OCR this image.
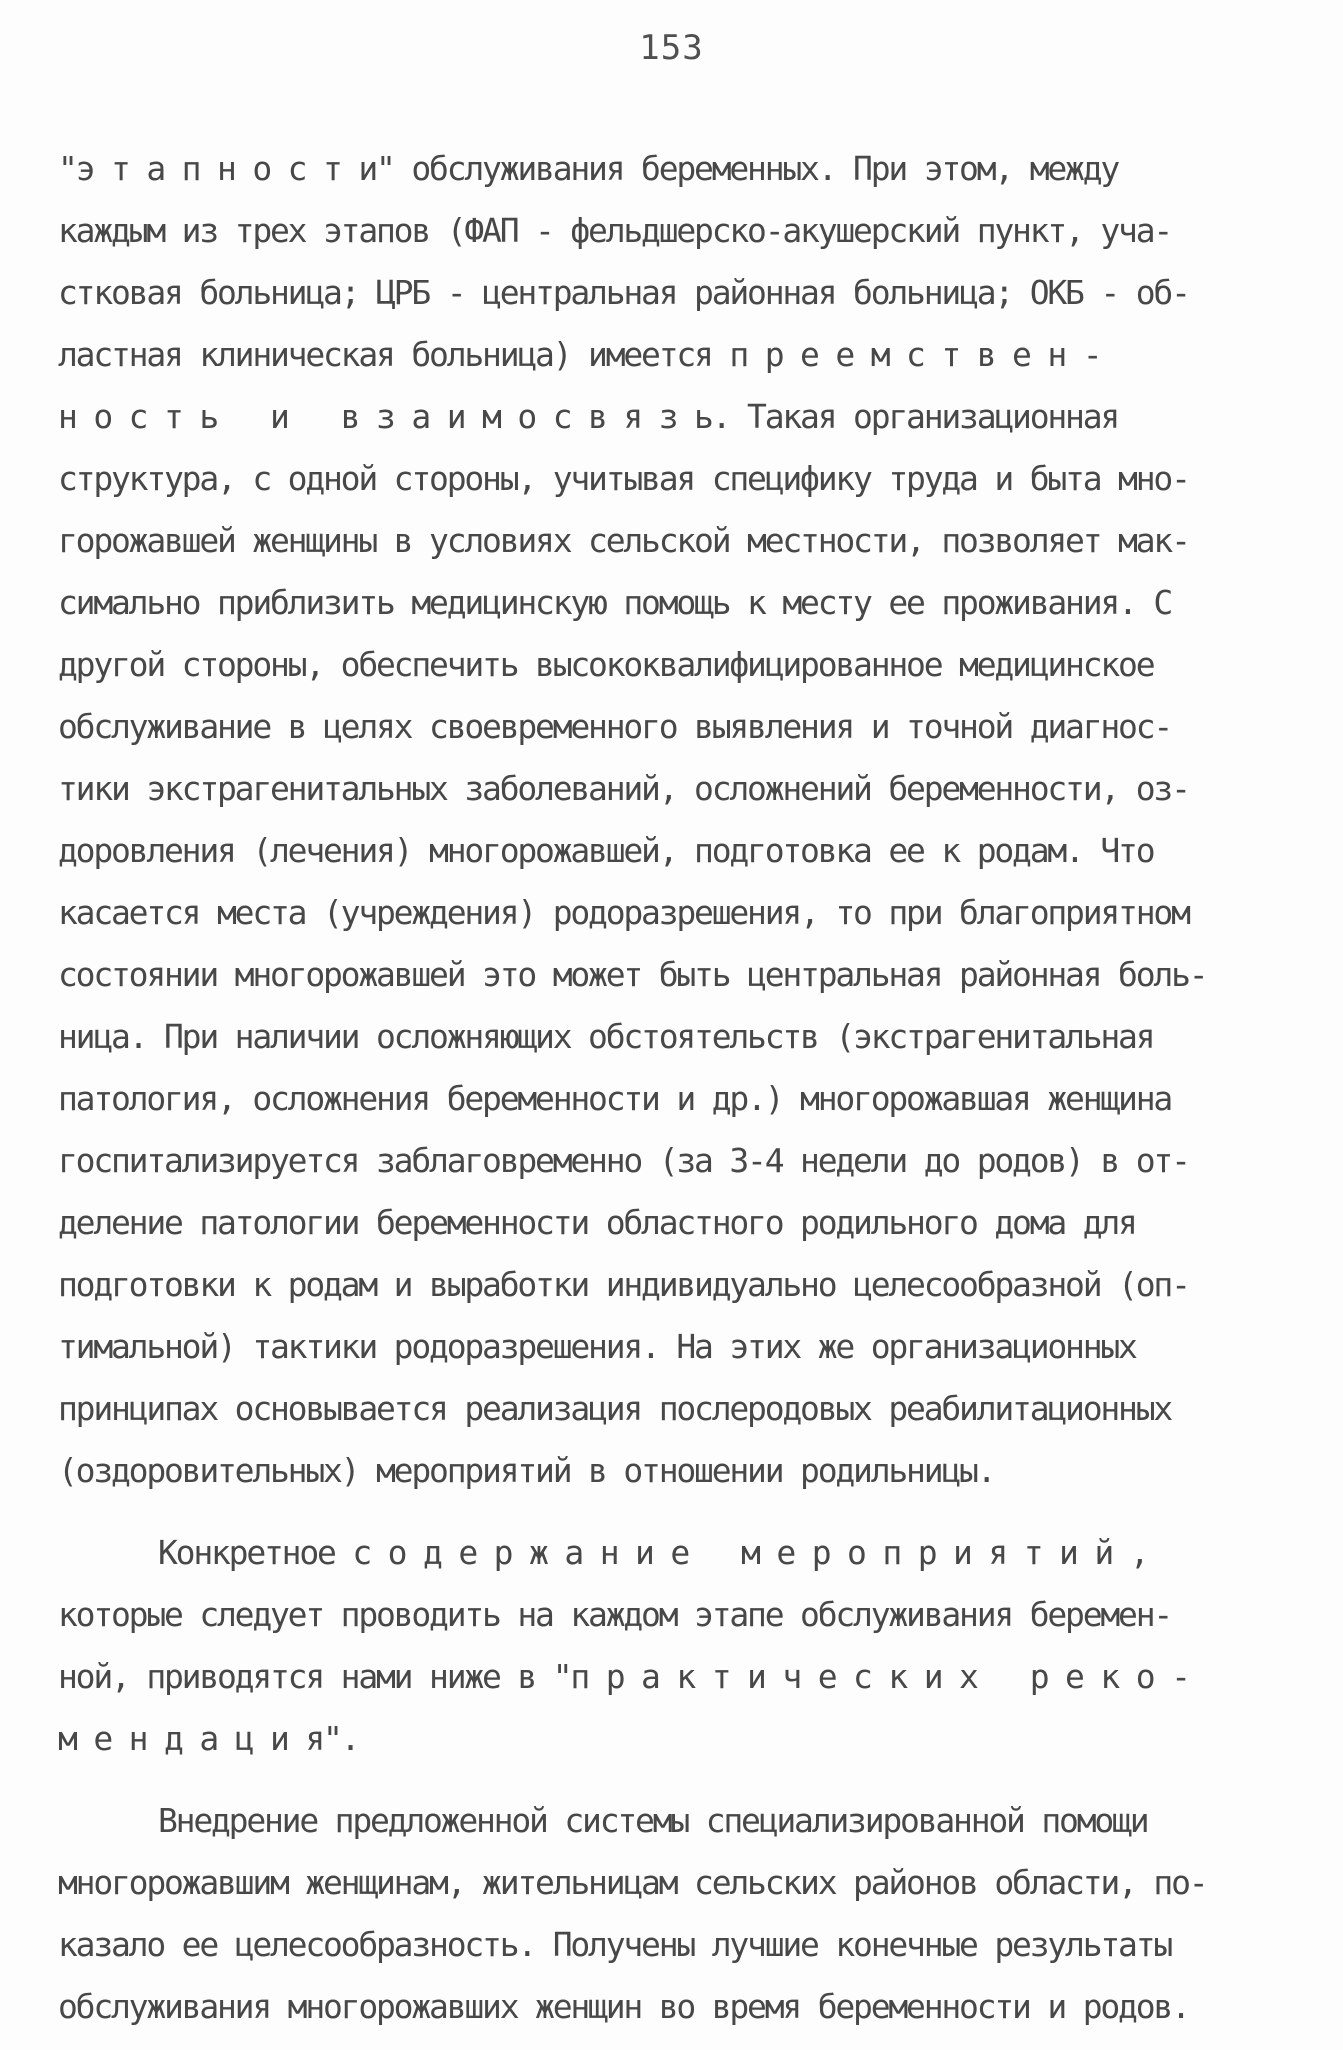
153
"э т а п н о с т и" обслуживания беременных. При этом, между
каждым из трех этапов (ФАП - фельдшерско-акушерский пункт, уча-
стковая больница; ЦРБ - центральная районная больница; ОКБ - об-
ластная клиническая больница) имеется п р е е м с т в е н -
н о с т ь   и   в з а и м о с в я з ь. Такая организационная
структура, с одной стороны, учитывая специфику труда и быта мно-
горожавшей женщины в условиях сельской местности, позволяет мак-
симально приблизить медицинскую помощь к месту ее проживания. С
другой стороны, обеспечить высококвалифицированное медицинское
обслуживание в целях своевременного выявления и точной диагнос-
тики экстрагенитальных заболеваний, осложнений беременности, оз-
доровления (лечения) многорожавшей, подготовка ее к родам. Что
касается места (учреждения) родоразрешения, то при благоприятном
состоянии многорожавшей это может быть центральная районная боль-
ница. При наличии осложняющих обстоятельств (экстрагенитальная
патология, осложнения беременности и др.) многорожавшая женщина
госпитализируется заблаговременно (за 3-4 недели до родов) в от-
деление патологии беременности областного родильного дома для
подготовки к родам и выработки индивидуально целесообразной (оп-
тимальной) тактики родоразрешения. На этих же организационных
принципах основывается реализация послеродовых реабилитационных
(оздоровительных) мероприятий в отношении родильницы.
Конкретное с о д е р ж а н и е   м е р о п р и я т и й ,
которые следует проводить на каждом этапе обслуживания беремен-
ной, приводятся нами ниже в "п р а к т и ч е с к и х   р е к о -
м е н д а ц и я".
Внедрение предложенной системы специализированной помощи
многорожавшим женщинам, жительницам сельских районов области, по-
казало ее целесообразность. Получены лучшие конечные результаты
обслуживания многорожавших женщин во время беременности и родов.
